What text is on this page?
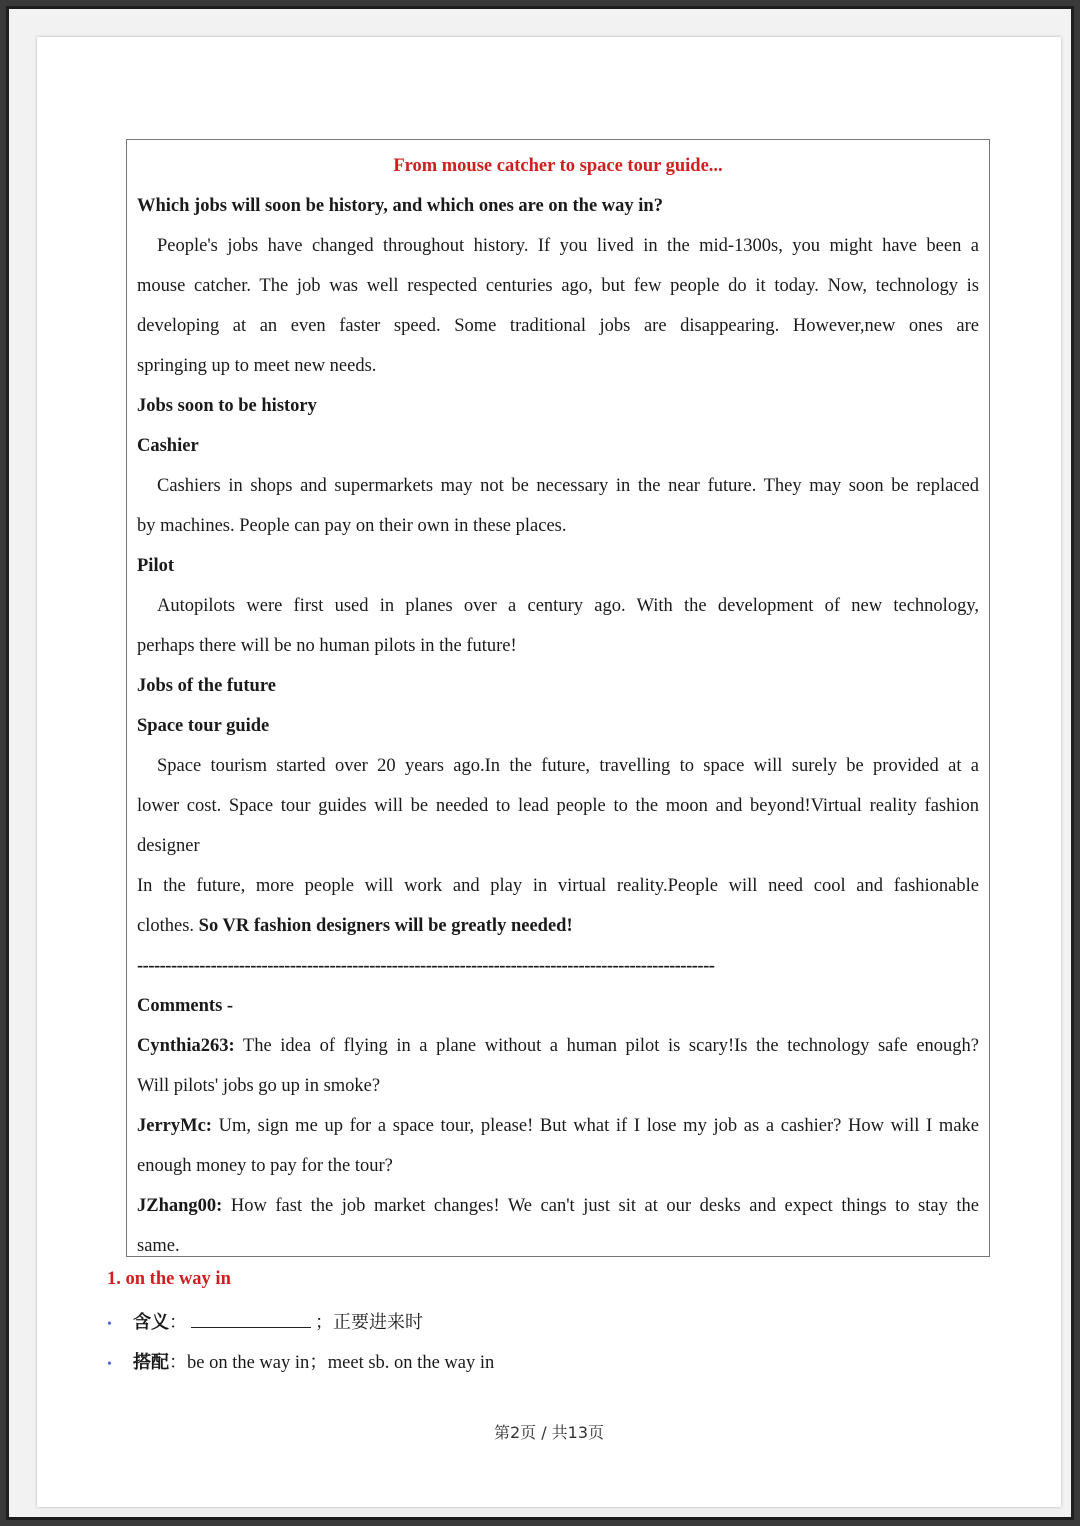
From mouse catcher to space tour guide...
Which jobs will soon be history, and which ones are on the way in?
People's jobs have changed throughout history. If you lived in the mid-1300s, you might have been a
mouse catcher. The job was well respected centuries ago, but few people do it today. Now, technology is
developing at an even faster speed. Some traditional jobs are disappearing. However,new ones are
springing up to meet new needs.
Jobs soon to be history
Cashier
Cashiers in shops and supermarkets may not be necessary in the near future. They may soon be replaced
by machines. People can pay on their own in these places.
Pilot
Autopilots were first used in planes over a century ago. With the development of new technology,
perhaps there will be no human pilots in the future!
Jobs of the future
Space tour guide
Space tourism started over 20 years ago.In the future, travelling to space will surely be provided at a
lower cost. Space tour guides will be needed to lead people to the moon and beyond!Virtual reality fashion
designer
In the future, more people will work and play in virtual reality.People will need cool and fashionable
clothes. So VR fashion designers will be greatly needed!
------------------------------------------------------------------------------------------------------
Comments -
Cynthia263: The idea of flying in a plane without a human pilot is scary!Is the technology safe enough?
Will pilots' jobs go up in smoke?
JerryMc: Um, sign me up for a space tour, please! But what if I lose my job as a cashier? How will I make
enough money to pay for the tour?
JZhang00: How fast the job market changes! We can't just sit at our desks and expect things to stay the
same.
1. on the way in
• 含义：	；正要进来时
• 搭配：be on the way in；meet sb. on the way in
第2页 / 共13页
